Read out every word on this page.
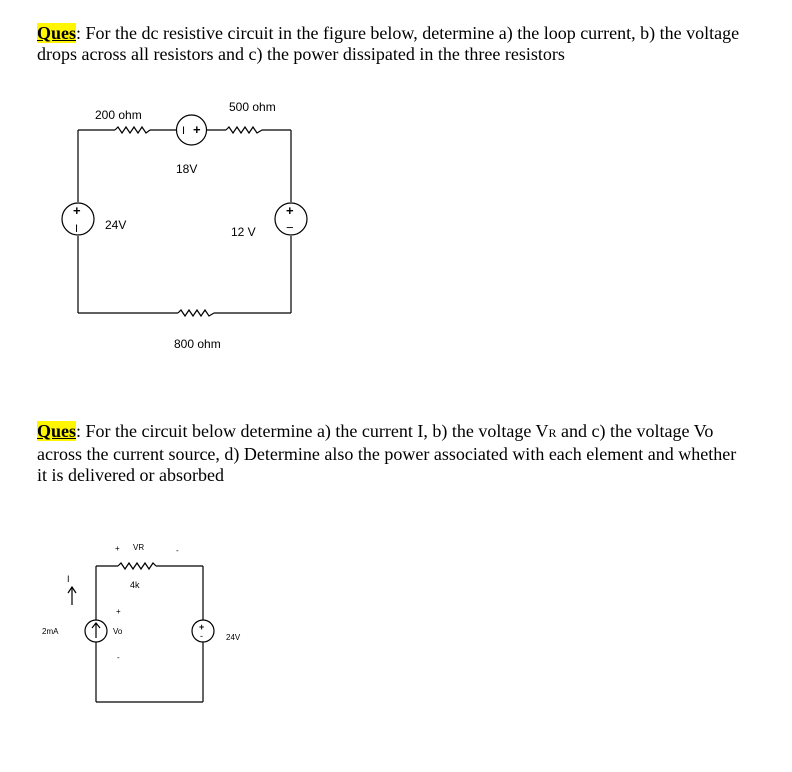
Ques: For the dc resistive circuit in the figure below, determine a) the loop current, b) the voltage drops across all resistors and c) the power dissipated in the three resistors
Ques: For the circuit below determine a) the current I, b) the voltage VR and c) the voltage Vo across the current source, d) Determine also the power associated with each element and whether it is delivered or absorbed
200 ohm
500 ohm
18V
24V	12 V
800 ohm
I +
+
I
+
−
+ VR	-
4k
I
2mA
+
Vo
-
+
-	24V
